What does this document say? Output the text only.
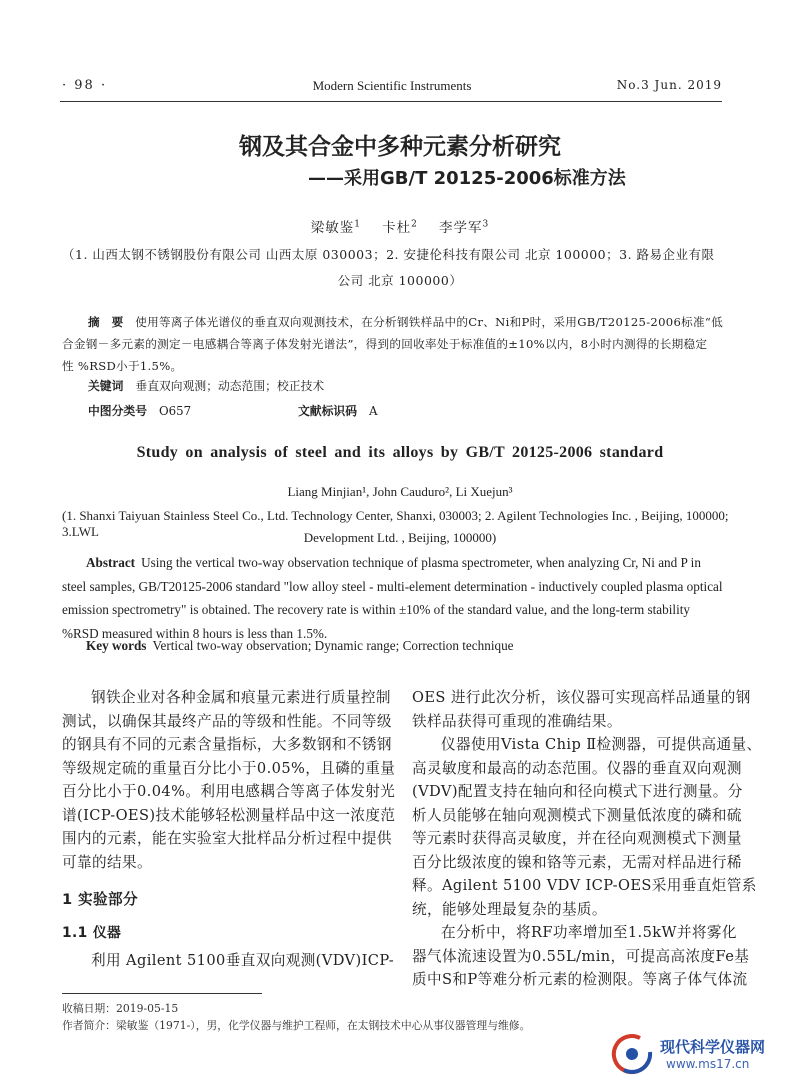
· 98 ·	Modern Scientific Instruments	No.3 Jun. 2019
钢及其合金中多种元素分析研究
——采用GB/T 20125-2006标准方法
梁敏鉴$^1$ 卡杜$^2$ 李学军$^3$
（1. 山西太钢不锈钢股份有限公司 山西太原 030003；2. 安捷伦科技有限公司 北京 100000；3. 路易企业有限
公司 北京 100000）
摘 要 使用等离子体光谱仪的垂直双向观测技术，在分析钢铁样品中的Cr、Ni和P时，采用GB/T20125-2006标准“低
合金钢－多元素的测定－电感耦合等离子体发射光谱法”，得到的回收率处于标准值的±10%以内，8小时内测得的长期稳定
性 %RSD小于1.5%。
关键词 垂直双向观测；动态范围；校正技术
中图分类号 O657	文献标识码 A
Study on analysis of steel and its alloys by GB/T 20125-2006 standard
Liang Minjian¹, John Cauduro², Li Xuejun³
(1. Shanxi Taiyuan Stainless Steel Co., Ltd. Technology Center, Shanxi, 030003; 2. Agilent Technologies Inc. , Beijing, 100000; 3.LWL	Development Ltd. , Beijing, 100000)
Abstract Using the vertical two-way observation technique of plasma spectrometer, when analyzing Cr, Ni and P in
steel samples, GB/T20125-2006 standard "low alloy steel - multi-element determination - inductively coupled plasma optical
emission spectrometry" is obtained. The recovery rate is within ±10% of the standard value, and the long-term stability
%RSD measured within 8 hours is less than 1.5%.
Key words Vertical two-way observation; Dynamic range; Correction technique
钢铁企业对各种金属和痕量元素进行质量控制
测试，以确保其最终产品的等级和性能。不同等级
的钢具有不同的元素含量指标，大多数钢和不锈钢
等级规定硫的重量百分比小于0.05%，且磷的重量
百分比小于0.04%。利用电感耦合等离子体发射光
谱(ICP-OES)技术能够轻松测量样品中这一浓度范
围内的元素，能在实验室大批样品分析过程中提供
可靠的结果。
1 实验部分
1.1 仪器
利用 Agilent 5100垂直双向观测(VDV)ICP-
OES 进行此次分析，该仪器可实现高样品通量的钢
铁样品获得可重现的准确结果。
仪器使用Vista Chip Ⅱ检测器，可提供高通量、
高灵敏度和最高的动态范围。仪器的垂直双向观测
(VDV)配置支持在轴向和径向模式下进行测量。分
析人员能够在轴向观测模式下测量低浓度的磷和硫
等元素时获得高灵敏度，并在径向观测模式下测量
百分比级浓度的镍和铬等元素，无需对样品进行稀
释。Agilent 5100 VDV ICP-OES采用垂直炬管系
统，能够处理最复杂的基质。
在分析中，将RF功率增加至1.5kW并将雾化
器气体流速设置为0.55L/min，可提高高浓度Fe基
质中S和P等难分析元素的检测限。等离子体气体流
收稿日期：2019-05-15
作者简介：梁敏鉴（1971-），男，化学仪器与维护工程师，在太钢技术中心从事仪器管理与维修。
现代科学仪器网
www.ms17.cn
